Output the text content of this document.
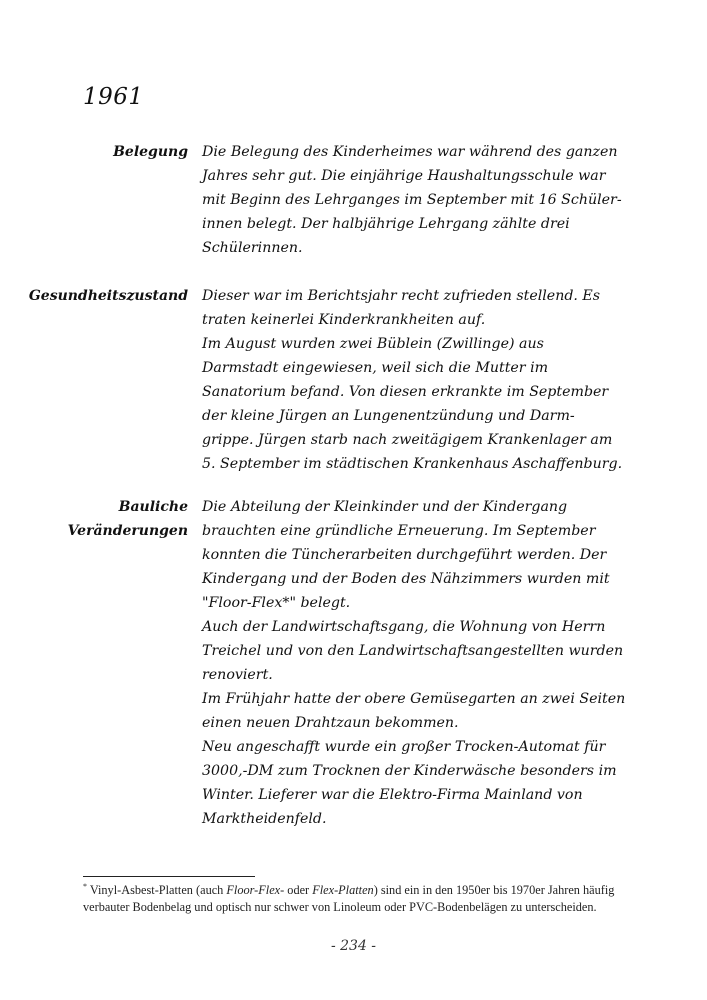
1961
Belegung Die Belegung des Kinderheimes war während des ganzen
Jahres sehr gut. Die einjährige Haushaltungsschule war
mit Beginn des Lehrganges im September mit 16 Schüler-
innen belegt. Der halbjährige Lehrgang zählte drei
Schülerinnen.
Gesundheitszustand Dieser war im Berichtsjahr recht zufrieden stellend. Es
traten keinerlei Kinderkrankheiten auf.
Im August wurden zwei Büblein (Zwillinge) aus
Darmstadt eingewiesen, weil sich die Mutter im
Sanatorium befand. Von diesen erkrankte im September
der kleine Jürgen an Lungenentzündung und Darm-
grippe. Jürgen starb nach zweitägigem Krankenlager am
5. September im städtischen Krankenhaus Aschaffenburg.
Bauliche
Veränderungen
Die Abteilung der Kleinkinder und der Kindergang
brauchten eine gründliche Erneuerung. Im September
konnten die Tüncherarbeiten durchgeführt werden. Der
Kindergang und der Boden des Nähzimmers wurden mit
"Floor-Flex*" belegt.
Auch der Landwirtschaftsgang, die Wohnung von Herrn
Treichel und von den Landwirtschaftsangestellten wurden
renoviert.
Im Frühjahr hatte der obere Gemüsegarten an zwei Seiten
einen neuen Drahtzaun bekommen.
Neu angeschafft wurde ein großer Trocken-Automat für
3000,-DM zum Trocknen der Kinderwäsche besonders im
Winter. Lieferer war die Elektro-Firma Mainland von
Marktheidenfeld.
* Vinyl-Asbest-Platten (auch Floor-Flex- oder Flex-Platten) sind ein in den 1950er bis 1970er Jahren häufig verbauter Bodenbelag und optisch nur schwer von Linoleum oder PVC-Bodenbelägen zu unterscheiden.
- 234 -
